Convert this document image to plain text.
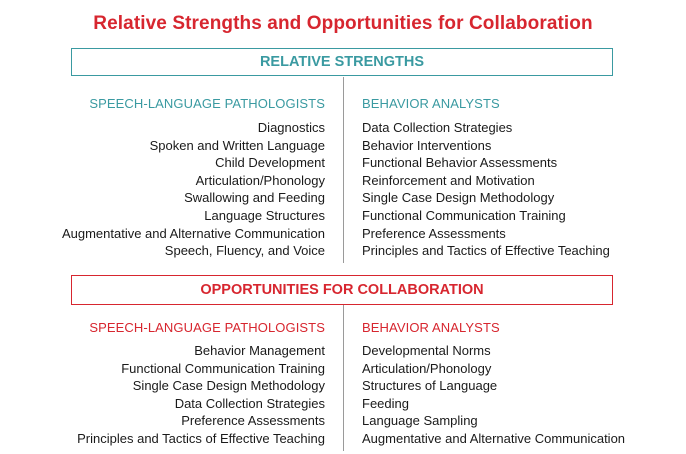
Relative Strengths and Opportunities for Collaboration
RELATIVE STRENGTHS
SPEECH-LANGUAGE PATHOLOGISTS	BEHAVIOR ANALYSTS
Diagnostics
Spoken and Written Language
Child Development
Articulation/Phonology
Swallowing and Feeding
Language Structures
Augmentative and Alternative Communication
Speech, Fluency, and Voice
Data Collection Strategies
Behavior Interventions
Functional Behavior Assessments
Reinforcement and Motivation
Single Case Design Methodology
Functional Communication Training
Preference Assessments
Principles and Tactics of Effective Teaching
OPPORTUNITIES FOR COLLABORATION
SPEECH-LANGUAGE PATHOLOGISTS	BEHAVIOR ANALYSTS
Behavior Management
Functional Communication Training
Single Case Design Methodology
Data Collection Strategies
Preference Assessments
Principles and Tactics of Effective Teaching
Developmental Norms
Articulation/Phonology
Structures of Language
Feeding
Language Sampling
Augmentative and Alternative Communication
